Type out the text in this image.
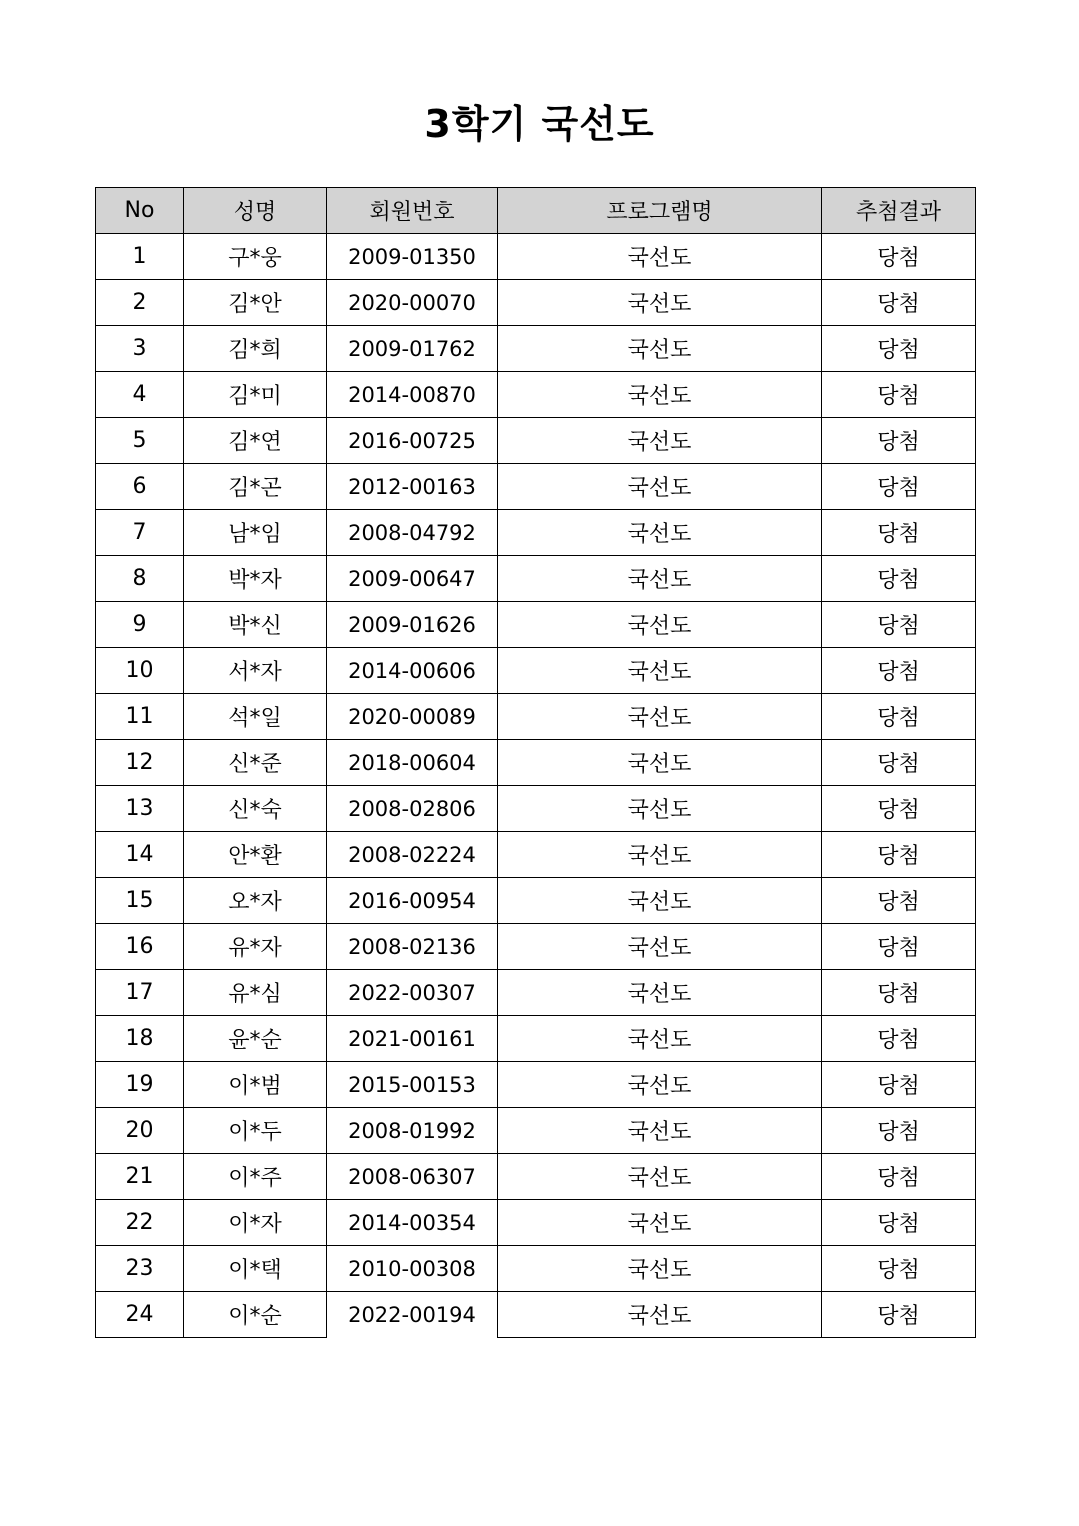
3학기 국선도
No	성명	회원번호	프로그램명	추첨결과
1	구*웅	2009-01350	국선도	당첨
2	김*안	2020-00070	국선도	당첨
3	김*희	2009-01762	국선도	당첨
4	김*미	2014-00870	국선도	당첨
5	김*연	2016-00725	국선도	당첨
6	김*곤	2012-00163	국선도	당첨
7	남*임	2008-04792	국선도	당첨
8	박*자	2009-00647	국선도	당첨
9	박*신	2009-01626	국선도	당첨
10	서*자	2014-00606	국선도	당첨
11	석*일	2020-00089	국선도	당첨
12	신*준	2018-00604	국선도	당첨
13	신*숙	2008-02806	국선도	당첨
14	안*환	2008-02224	국선도	당첨
15	오*자	2016-00954	국선도	당첨
16	유*자	2008-02136	국선도	당첨
17	유*심	2022-00307	국선도	당첨
18	윤*순	2021-00161	국선도	당첨
19	이*범	2015-00153	국선도	당첨
20	이*두	2008-01992	국선도	당첨
21	이*주	2008-06307	국선도	당첨
22	이*자	2014-00354	국선도	당첨
23	이*택	2010-00308	국선도	당첨
24	이*순	2022-00194	국선도	당첨
